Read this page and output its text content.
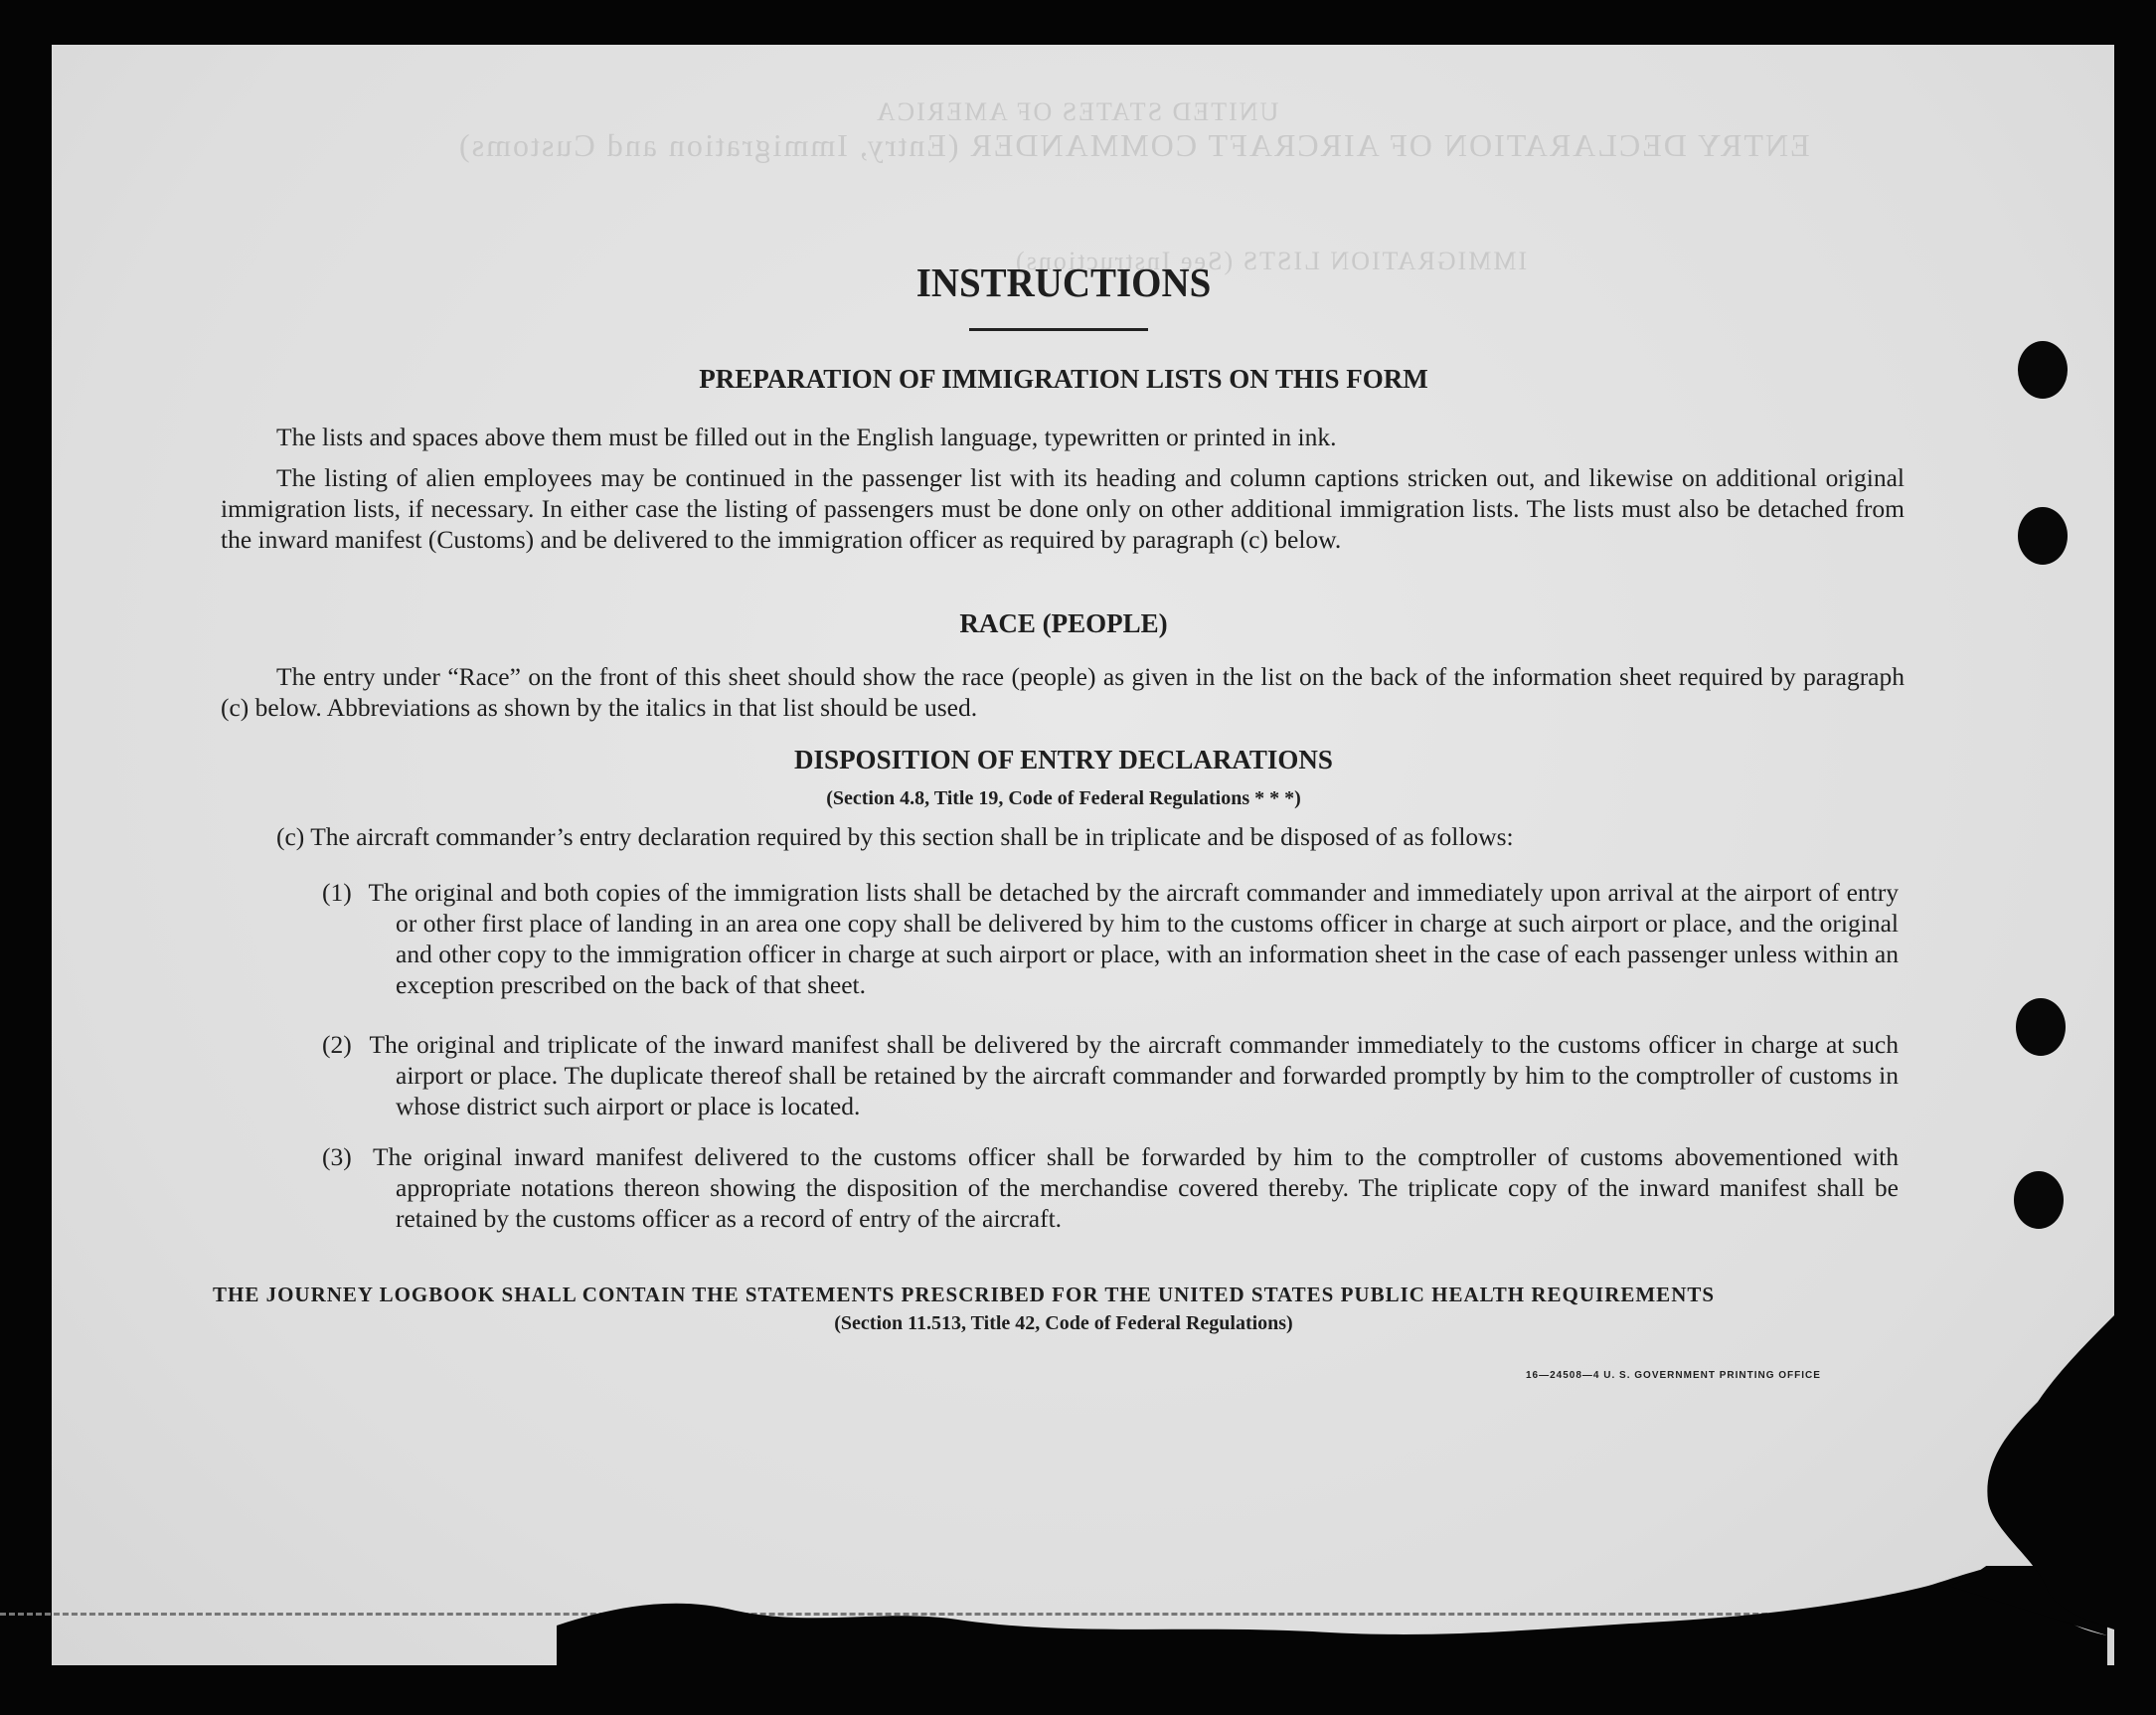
UNITED STATES OF AMERICA
ENTRY DECLARATION OF AIRCRAFT COMMANDER (Entry, Immigration and Customs)
IMMIGRATION LISTS (See Instructions)
INSTRUCTIONS
PREPARATION OF IMMIGRATION LISTS ON THIS FORM
The lists and spaces above them must be filled out in the English language, typewritten or printed in ink.
The listing of alien employees may be continued in the passenger list with its heading and column captions stricken out, and likewise on additional original immigration lists, if necessary. In either case the listing of passengers must be done only on other additional immigration lists. The lists must also be detached from the inward manifest (Customs) and be delivered to the immigration officer as required by paragraph (c) below.
RACE (PEOPLE)
The entry under “Race” on the front of this sheet should show the race (people) as given in the list on the back of the information sheet required by paragraph (c) below. Abbreviations as shown by the italics in that list should be used.
DISPOSITION OF ENTRY DECLARATIONS
(Section 4.8, Title 19, Code of Federal Regulations * * *)
(c) The aircraft commander’s entry declaration required by this section shall be in triplicate and be disposed of as follows:
(1) The original and both copies of the immigration lists shall be detached by the aircraft commander and immediately upon arrival at the airport of entry or other first place of landing in an area one copy shall be delivered by him to the customs officer in charge at such airport or place, and the original and other copy to the immigration officer in charge at such airport or place, with an information sheet in the case of each passenger unless within an exception prescribed on the back of that sheet.
(2) The original and triplicate of the inward manifest shall be delivered by the aircraft commander immediately to the customs officer in charge at such airport or place. The duplicate thereof shall be retained by the aircraft commander and forwarded promptly by him to the comptroller of customs in whose district such airport or place is located.
(3) The original inward manifest delivered to the customs officer shall be forwarded by him to the comptroller of customs abovementioned with appropriate notations thereon showing the disposition of the merchandise covered thereby. The triplicate copy of the inward manifest shall be retained by the customs officer as a record of entry of the aircraft.
THE JOURNEY LOGBOOK SHALL CONTAIN THE STATEMENTS PRESCRIBED FOR THE UNITED STATES PUBLIC HEALTH REQUIREMENTS
(Section 11.513, Title 42, Code of Federal Regulations)
16—24508—4 U. S. GOVERNMENT PRINTING OFFICE
